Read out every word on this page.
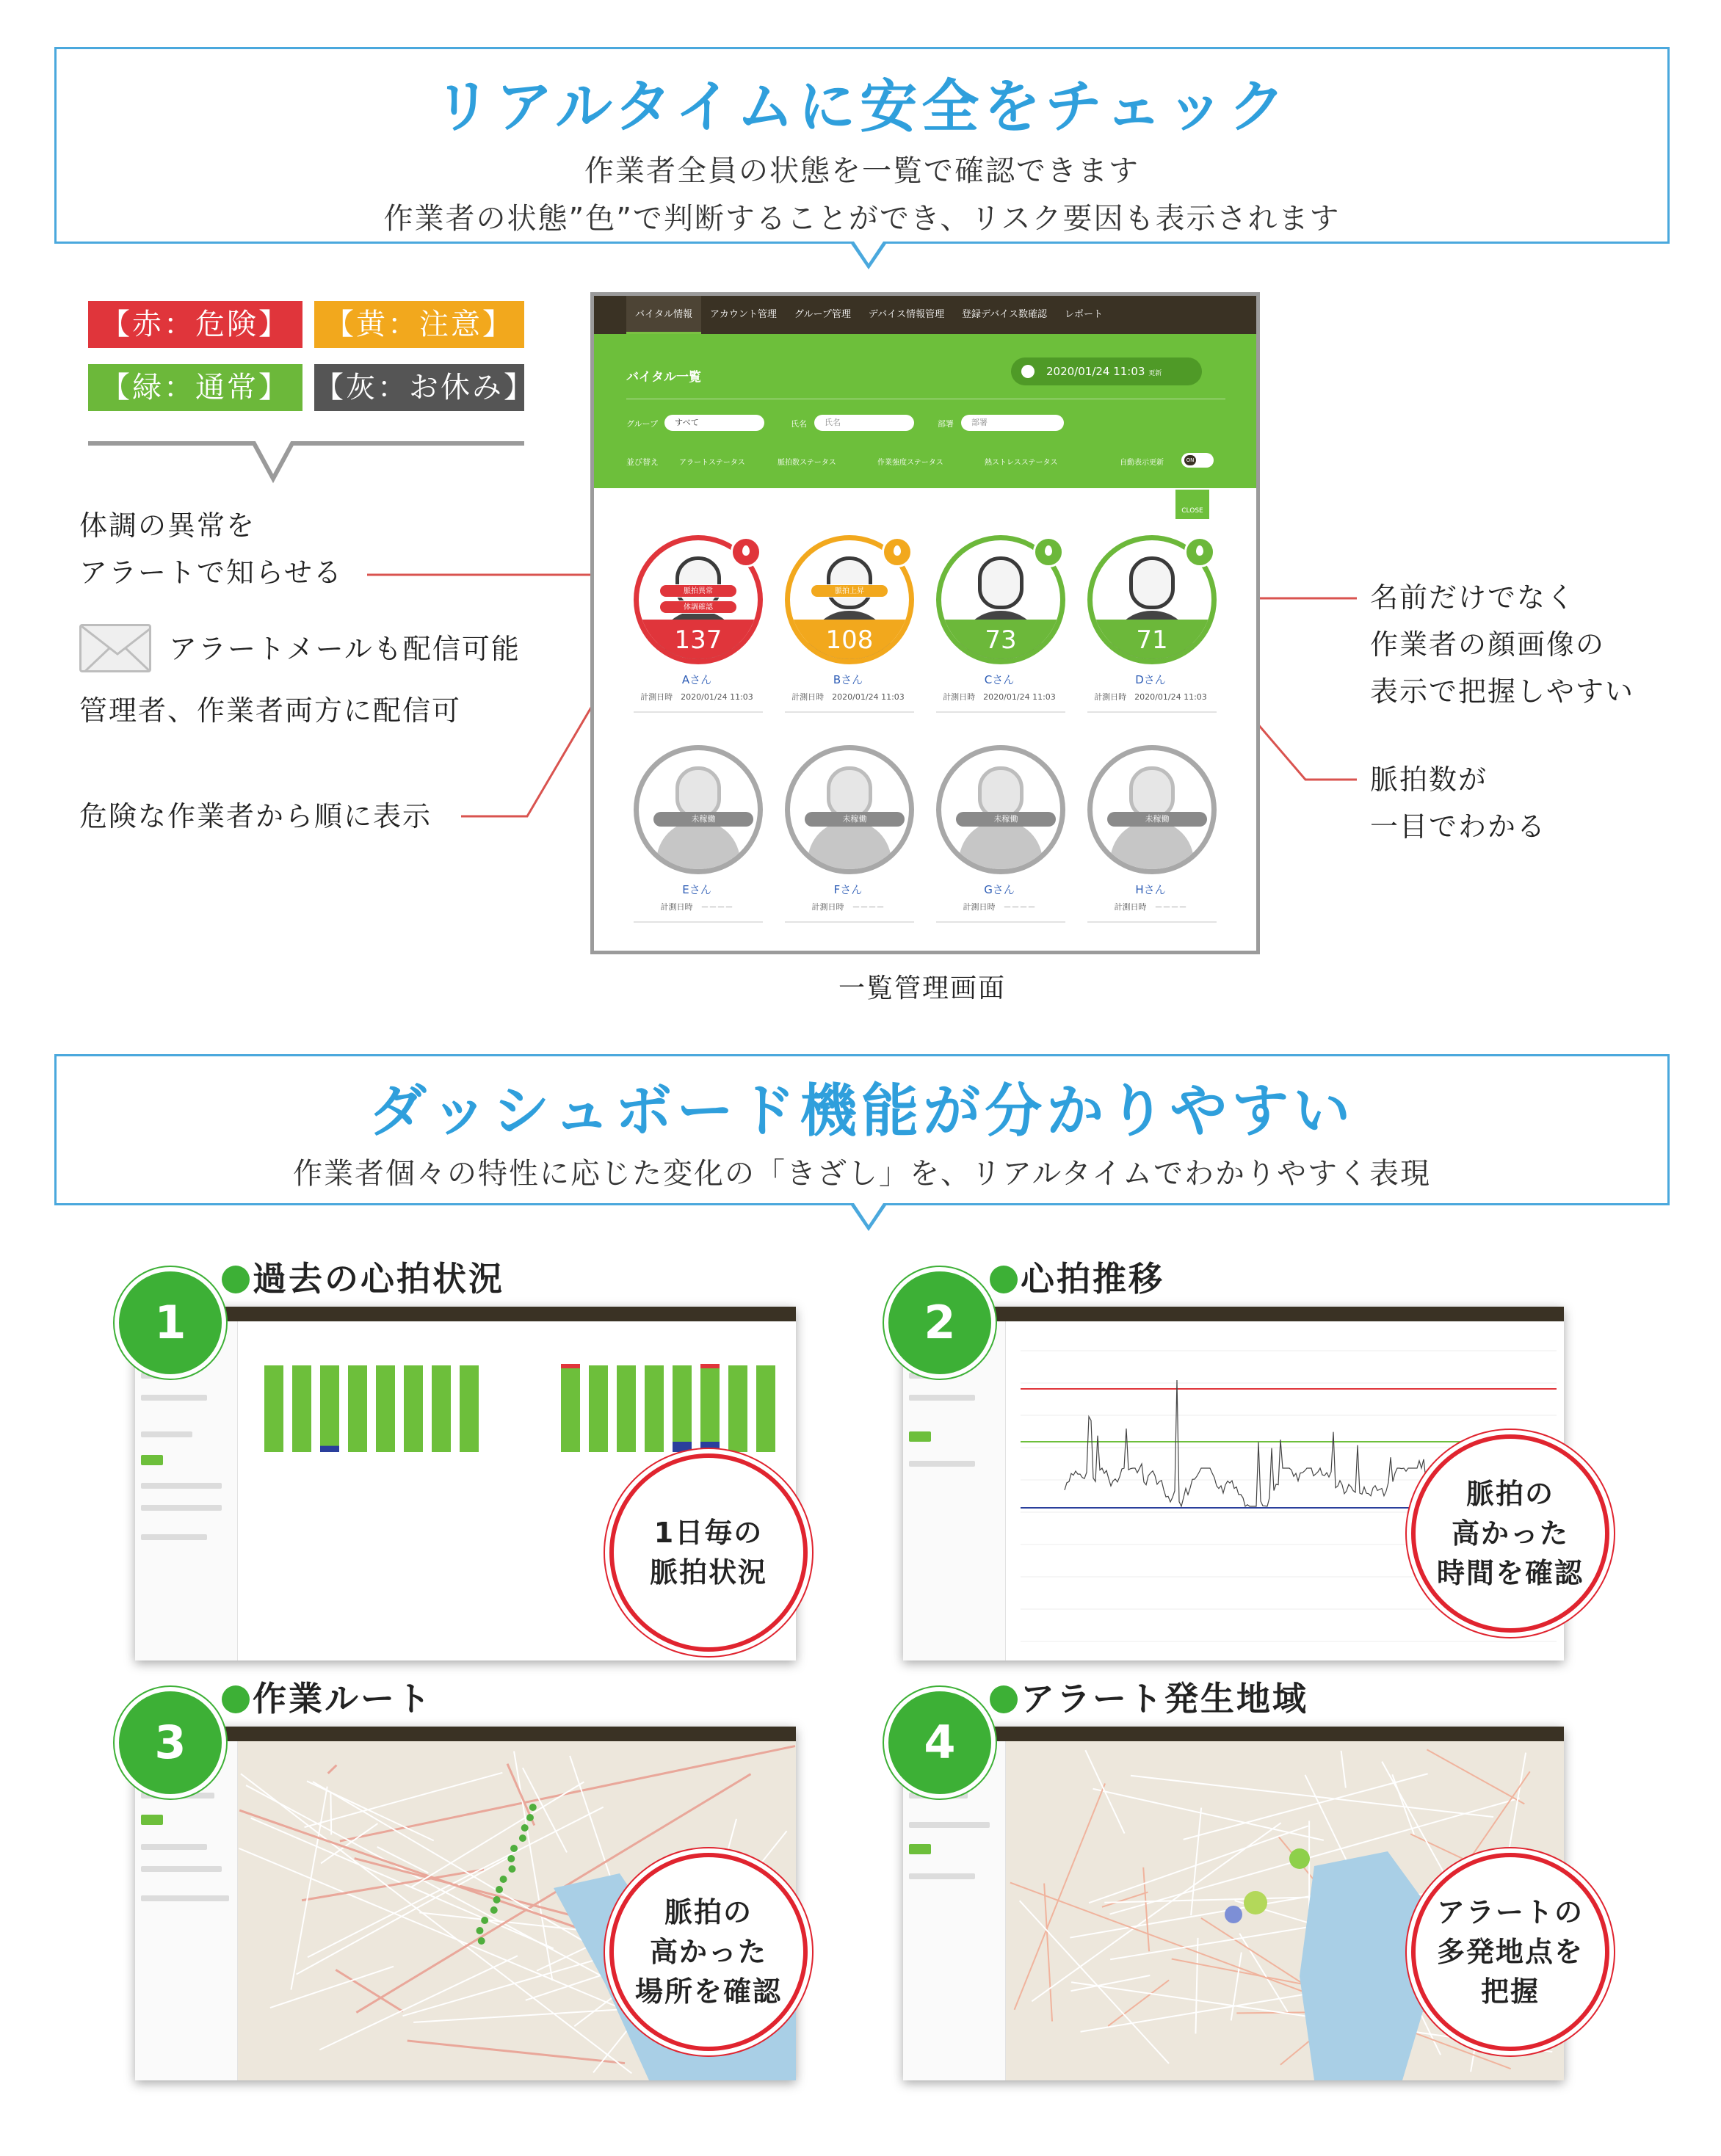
リアルタイムに安全をチェック
作業者全員の状態を一覧で確認できます
作業者の状態”色”で判断することができ、リスク要因も表示されます
【赤：危険】	【黄：注意】
【緑：通常】 【灰：お休み】
体調の異常を
アラートで知らせる
アラートメールも配信可能
管理者、作業者両方に配信可
危険な作業者から順に表示
名前だけでなく
作業者の顔画像の
表示で把握しやすい
脈拍数が
一目でわかる
バイタル情報	アカウント管理	グループ管理	デバイス情報管理	登録デバイス数確認	レポート
バイタル一覧	2020/01/24 11:03 更新
グループ	すべて	氏名	氏名	部署	部署
並び替え	アラートステータス	脈拍数ステータス	作業強度ステータス	熱ストレスステータス	自動表示更新	ON
CLOSE
137
脈拍異常
体調確認
Aさん
計測日時　2020/01/24 11:03
108
脈拍上昇
Bさん
計測日時　2020/01/24 11:03
73
Cさん
計測日時　2020/01/24 11:03
71
Dさん
計測日時　2020/01/24 11:03
未稼働
Eさん
計測日時　－－－－
未稼働
Fさん
計測日時　－－－－
未稼働
Gさん
計測日時　－－－－
未稼働
Hさん
計測日時　－－－－
一覧管理画面
ダッシュボード機能が分かりやすい
作業者個々の特性に応じた変化の「きざし」を、リアルタイムでわかりやすく表現
過去の心拍状況
1
1日毎の
脈拍状況
心拍推移
2
脈拍の
高かった
時間を確認
作業ルート
3
脈拍の
高かった
場所を確認
アラート発生地域
4
アラートの
多発地点を
把握
